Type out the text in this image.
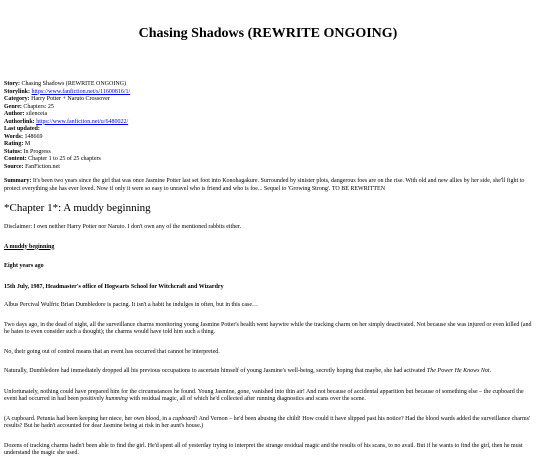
Chasing Shadows (REWRITE ONGOING)
Story: Chasing Shadows (REWRITE ONGOING)
Storylink: https://www.fanfiction.net/s/11600816/1/
Category: Harry Potter + Naruto Crossover
Genre: Chapters: 25
Author: silenceia
Authorlink: https://www.fanfiction.net/u/6480022/
Last updated:
Words: 148669
Rating: M
Status: In Progress
Content: Chapter 1 to 25 of 25 chapters
Source: FanFiction.net
Summary: It's been two years since the girl that was once Jasmine Potter last set foot into Konohagakure. Surrounded by sinister plots, dangerous foes are on the rise. With old and new allies by her side, she'll fight to protect everything she has ever loved. Now if only it were so easy to unravel who is friend and who is foe... Sequel to 'Growing Strong'. TO BE REWRITTEN
*Chapter 1*: A muddy beginning

Disclaimer: I own neither Harry Potter nor Naruto. I don't own any of the mentioned rabbits either.

A muddy beginning

Eight years ago

15th July, 1987, Headmaster's office of Hogwarts School for Witchcraft and Wizardry

Albus Percival Wulfric Brian Dumbledore is pacing. It isn't a habit he indulges in often, but in this case…

Two days ago, in the dead of night, all the surveillance charms monitoring young Jasmine Potter's health went haywire while the tracking charm on her simply deactivated. Not because she was injured or even killed (and he hates to even consider such a thought); the charms would have told him such a thing.

No, their going out of control means that an event has occurred that cannot be interpreted.

Naturally, Dumbledore had immediately dropped all his previous occupations to ascertain himself of young Jasmine's well-being, secretly hoping that maybe, she had activated The Power He Knows Not.

Unfortunately, nothing could have prepared him for the circumstances he found. Young Jasmine, gone, vanished into thin air! And not because of accidental apparition but because of something else – the cupboard the event had occurred in had been positively humming with residual magic, all of which he'd collected after running diagnostics and scans over the scene.

(A cupboard. Petunia had been keeping her niece, her own blood, in a cupboard! And Vernon – he'd been abusing the child! How could it have slipped past his notice? Had the blood wards added the surveillance charms' results? But he hadn't accounted for dear Jasmine being at risk in her aunt's house.)

Dozens of tracking charms hadn't been able to find the girl. He'd spent all of yesterday trying to interpret the strange residual magic and the results of his scans, to no avail. But if he wants to find the girl, then he must understand the magic she used.
